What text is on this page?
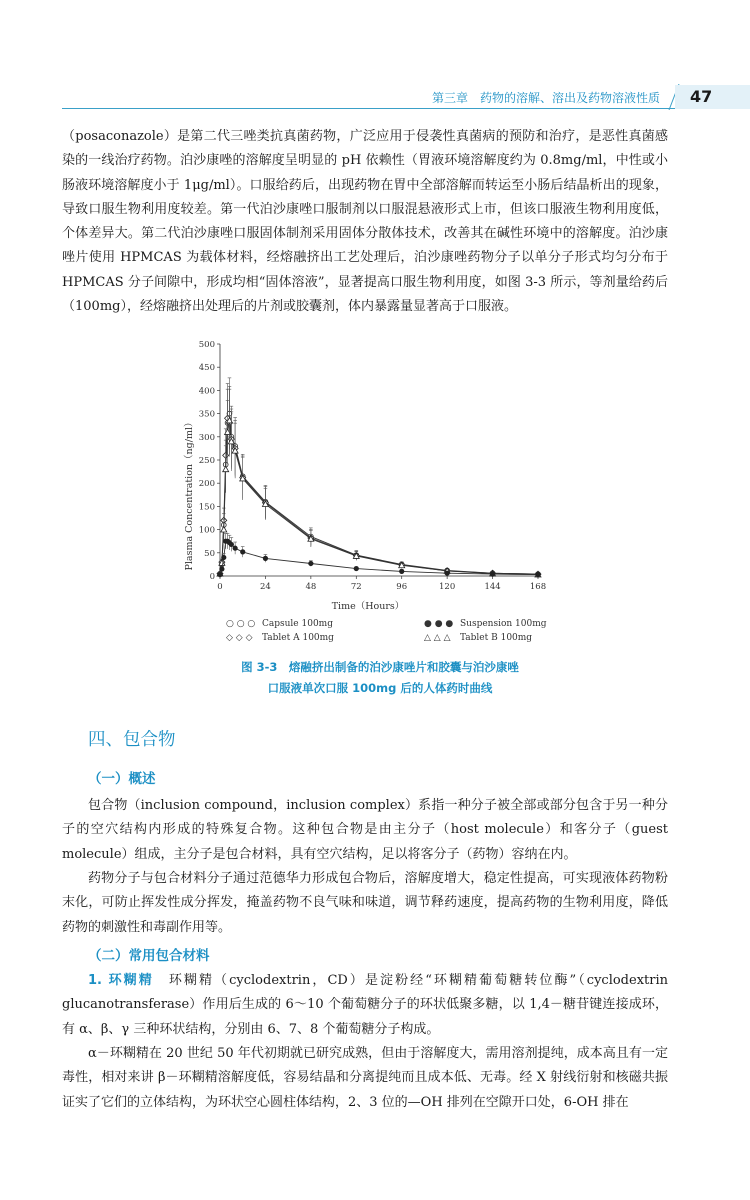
第三章　药物的溶解、溶出及药物溶液性质 47

（posaconazole）是第二代三唑类抗真菌药物，广泛应用于侵袭性真菌病的预防和治疗，是恶性真菌感染的一线治疗药物。泊沙康唑的溶解度呈明显的 pH 依赖性（胃液环境溶解度约为 0.8mg/ml，中性或小肠液环境溶解度小于 1μg/ml）。口服给药后，出现药物在胃中全部溶解而转运至小肠后结晶析出的现象，导致口服生物利用度较差。第一代泊沙康唑口服制剂以口服混悬液形式上市，但该口服液生物利用度低，个体差异大。第二代泊沙康唑口服固体制剂采用固体分散体技术，改善其在碱性环境中的溶解度。泊沙康唑片使用 HPMCAS 为载体材料，经熔融挤出工艺处理后，泊沙康唑药物分子以单分子形式均匀分布于 HPMCAS 分子间隙中，形成均相“固体溶液”，显著提高口服生物利用度，如图 3-3 所示，等剂量给药后（100mg），经熔融挤出处理后的片剂或胶囊剂，体内暴露量显著高于口服液。

0
50
100
150
200
250
300
350
400
450
500
0	24	48	72	96	120	144	168
Plasma Concentration（ng/ml）
Time（Hours）
○ ○ ○ Capsule 100mg	● ● ● Suspension 100mg
◇ ◇ ◇ Tablet A 100mg	△ △ △ Tablet B 100mg
图 3-3　熔融挤出制备的泊沙康唑片和胶囊与泊沙康唑
口服液单次口服 100mg 后的人体药时曲线
四、包合物
（一）概述

包合物（inclusion compound，inclusion complex）系指一种分子被全部或部分包含于另一种分子的空穴结构内形成的特殊复合物。这种包合物是由主分子（host molecule）和客分子（guest molecule）组成，主分子是包合材料，具有空穴结构，足以将客分子（药物）容纳在内。

药物分子与包合材料分子通过范德华力形成包合物后，溶解度增大，稳定性提高，可实现液体药物粉末化，可防止挥发性成分挥发，掩盖药物不良气味和味道，调节释药速度，提高药物的生物利用度，降低药物的刺激性和毒副作用等。

（二）常用包合材料

1. 环糊精　环糊精（cyclodextrin，CD）是淀粉经“环糊精葡萄糖转位酶”（cyclodextrin glucanotransferase）作用后生成的 6～10 个葡萄糖分子的环状低聚多糖，以 1,4－糖苷键连接成环，有 α、β、γ 三种环状结构，分别由 6、7、8 个葡萄糖分子构成。

α－环糊精在 20 世纪 50 年代初期就已研究成熟，但由于溶解度大，需用溶剂提纯，成本高且有一定毒性，相对来讲 β－环糊精溶解度低，容易结晶和分离提纯而且成本低、无毒。经 X 射线衍射和核磁共振证实了它们的立体结构，为环状空心圆柱体结构，2、3 位的—OH 排列在空隙开口处，6-OH 排在
